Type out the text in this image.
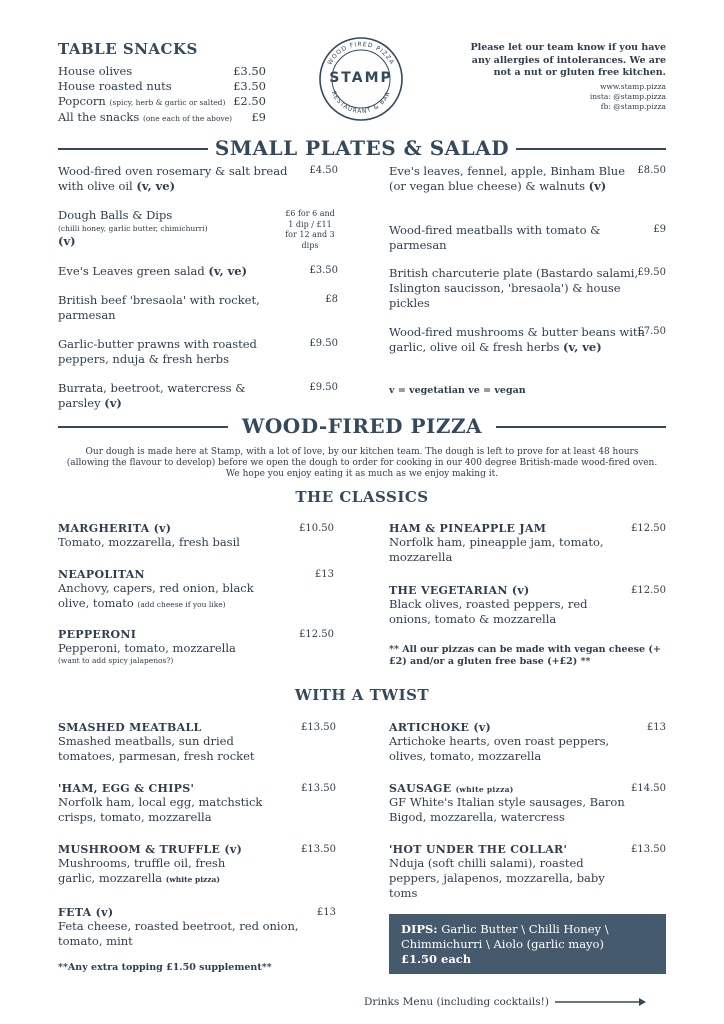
TABLE SNACKS
House olives	£3.50
House roasted nuts	£3.50
Popcorn (spicy, herb & garlic or salted) £2.50
All the snacks (one each of the above) £9
WOOD FIRED PIZZA
RESTAURANT & BAR
STAMP
Please let our team know if you have any allergies of intolerances. We are not a nut or gluten free kitchen.
www.stamp.pizza
insta: @stamp.pizza
fb: @stamp.pizza
SMALL PLATES & SALAD
Wood-fired oven rosemary & salt bread with olive oil (v, ve)
£4.50
Dough Balls & Dips
(chilli honey, garlic butter, chimichurri)
(v)
£6 for 6 and 1 dip / £11 for 12 and 3 dips
Eve's Leaves green salad (v, ve)	£3.50
British beef 'bresaola' with rocket, parmesan
£8
Garlic-butter prawns with roasted peppers, nduja & fresh herbs
£9.50
Burrata, beetroot, watercress & parsley (v)
£9.50
Eve's leaves, fennel, apple, Binham Blue (or vegan blue cheese) & walnuts (v)
£8.50
Wood-fired meatballs with tomato & parmesan
£9
British charcuterie plate (Bastardo salami, Islington saucisson, 'bresaola') & house pickles
£9.50
Wood-fired mushrooms & butter beans with garlic, olive oil & fresh herbs (v, ve)
£7.50
v = vegetatian ve = vegan
WOOD-FIRED PIZZA
Our dough is made here at Stamp, with a lot of love, by our kitchen team. The dough is left to prove for at least 48 hours (allowing the flavour to develop) before we open the dough to order for cooking in our 400 degree British-made wood-fired oven. We hope you enjoy eating it as much as we enjoy making it.
THE CLASSICS
MARGHERITA (v)
Tomato, mozzarella, fresh basil
£10.50
NEAPOLITAN
Anchovy, capers, red onion, black olive, tomato (add cheese if you like)
£13
PEPPERONI
Pepperoni, tomato, mozzarella
(want to add spicy jalapenos?)
£12.50
HAM & PINEAPPLE JAM
Norfolk ham, pineapple jam, tomato, mozzarella
£12.50
THE VEGETARIAN (v)
Black olives, roasted peppers, red onions, tomato & mozzarella
£12.50
** All our pizzas can be made with vegan cheese (+£2) and/or a gluten free base (+£2) **
WITH A TWIST
SMASHED MEATBALL
Smashed meatballs, sun dried tomatoes, parmesan, fresh rocket
£13.50
'HAM, EGG & CHIPS'
Norfolk ham, local egg, matchstick crisps, tomato, mozzarella
£13.50
MUSHROOM & TRUFFLE (v)
Mushrooms, truffle oil, fresh garlic, mozzarella (white pizza)
£13.50
FETA (v)
Feta cheese, roasted beetroot, red onion, tomato, mint
£13
**Any extra topping £1.50 supplement**
ARTICHOKE (v)
Artichoke hearts, oven roast peppers, olives, tomato, mozzarella
£13
SAUSAGE (white pizza)
GF White's Italian style sausages, Baron Bigod, mozzarella, watercress
£14.50
'HOT UNDER THE COLLAR'
Nduja (soft chilli salami), roasted peppers, jalapenos, mozzarella, baby toms
£13.50
DIPS: Garlic Butter \ Chilli Honey \ Chimmichurri \ Aiolo (garlic mayo)
£1.50 each
Drinks Menu (including cocktails!)
